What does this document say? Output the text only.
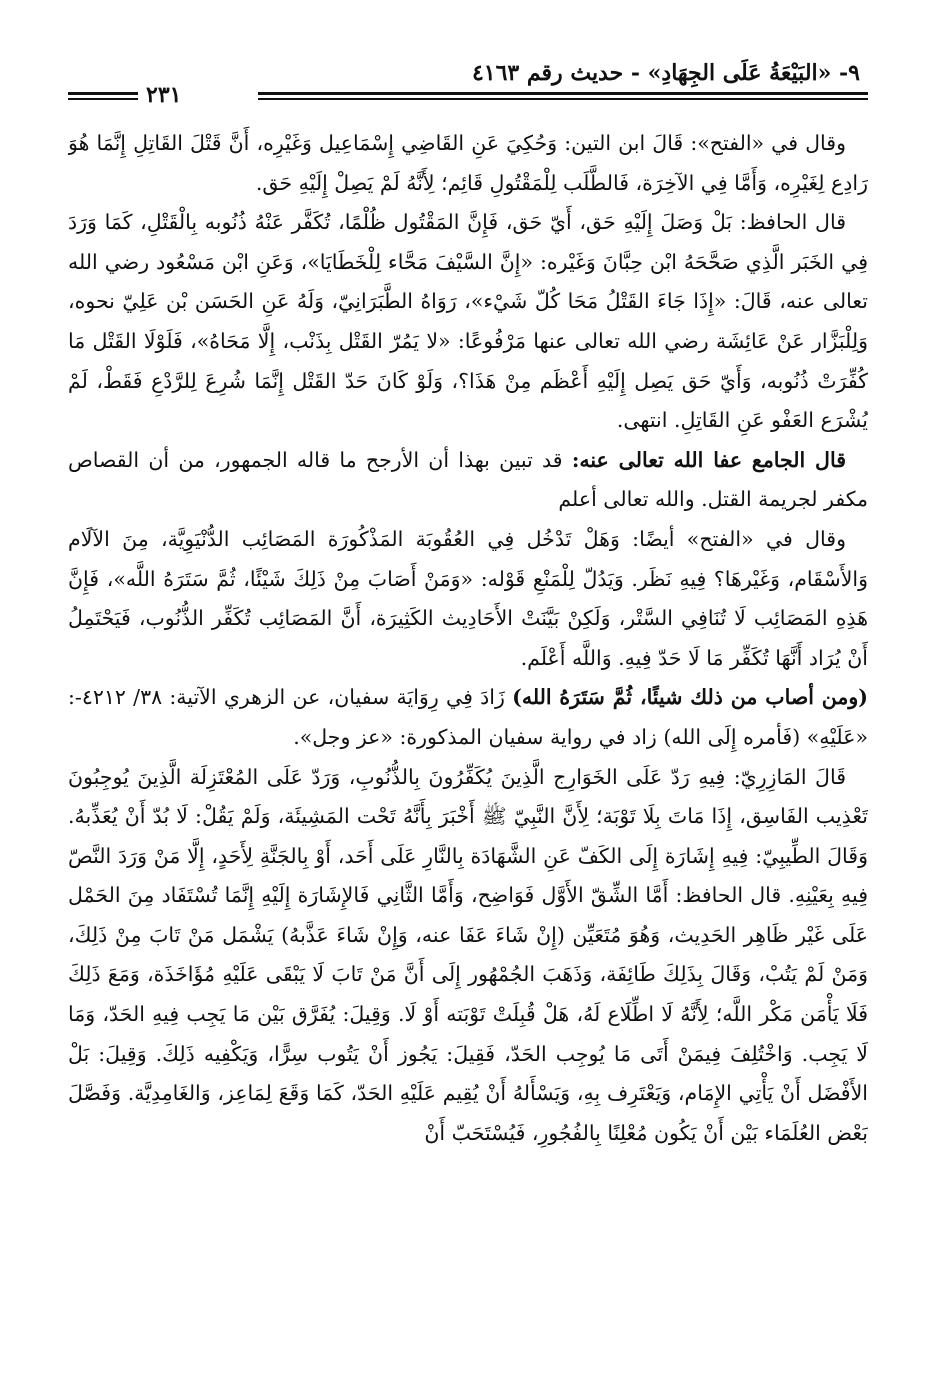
٩- «البَيْعَةُ عَلَى الجِهَادِ» - حديث رقم ٤١٦٣
٢٣١

وقال في «الفتح»: قَالَ ابن التين: وَحُكِيَ عَنِ القَاضِي إِسْمَاعِيل وَغَيْرِه، أَنَّ قَتْلَ القَاتِلِ إِنَّمَا هُوَ رَادِع لِغَيْرِه، وَأَمَّا فِي الآخِرَة، فَالطَّلَب لِلْمَقْتُولِ قَائِم؛ لِأَنَّهُ لَمْ يَصِلْ إِلَيْهِ حَق.

قال الحافظ: بَلْ وَصَلَ إِلَيْهِ حَق، أَيّ حَق، فَإِنَّ المَقْتُول ظُلْمًا، تُكَفَّر عَنْهُ ذُنُوبه بِالْقَتْلِ، كَمَا وَرَدَ فِي الخَبَر الَّذِي صَحَّحَهُ ابْن حِبَّانَ وَغَيْره: «إِنَّ السَّيْفَ مَحَّاء لِلْخَطَايَا»، وَعَنِ ابْن مَسْعُود رضي الله تعالى عنه، قَالَ: «إِذَا جَاءَ القَتْلُ مَحَا كُلّ شَيْء»، رَوَاهُ الطَّبَرَانِيّ، وَلَهُ عَنِ الحَسَن بْن عَلِيّ نحوه، وَلِلْبَزَّار عَنْ عَائِشَة رضي الله تعالى عنها مَرْفُوعًا: «لا يَمُرّ القَتْل بِذَنْب، إِلَّا مَحَاهُ»، فَلَوْلَا القَتْل مَا كُفِّرَتْ ذُنُوبه، وَأَيّ حَق يَصِل إِلَيْهِ أَعْظَم مِنْ هَذَا؟، وَلَوْ كَانَ حَدّ القَتْل إِنَّمَا شُرِعَ لِلرَّدْعِ فَقَطْ، لَمْ يُشْرَع العَفْو عَنِ القَاتِلِ. انتهى.

قال الجامع عفا الله تعالى عنه: قد تبين بهذا أن الأرجح ما قاله الجمهور، من أن القصاص مكفر لجريمة القتل. والله تعالى أعلم

وقال في «الفتح» أيضًا: وَهَلْ تَدْخُل فِي العُقُوبَة المَذْكُورَة المَصَائِب الدُّنْيَوِيَّة، مِنَ الآلَام وَالأَسْقَام، وَغَيْرهَا؟ فِيهِ نَظَر. وَيَدُلّ لِلْمَنْعِ قَوْله: «وَمَنْ أَصَابَ مِنْ ذَلِكَ شَيْئًا، ثُمَّ سَتَرَهُ اللَّه»، فَإِنَّ هَذِهِ المَصَائِب لَا تُنَافِي السَّتْر، وَلَكِنْ بَيَّنَتْ الأَحَادِيث الكَثِيرَة، أَنَّ المَصَائِب تُكَفِّر الذُّنُوب، فَيَحْتَمِلُ أَنْ يُرَاد أَنَّهَا تُكَفِّر مَا لَا حَدّ فِيهِ. وَاللَّه أَعْلَم.

(ومن أصاب من ذلك شيئًا، ثُمَّ سَتَرَهُ الله) زَادَ فِي رِوَايَة سفيان، عن الزهري الآتية: ٣٨/ ٤٢١٢-: «عَلَيْهِ» (فَأمره إِلَى الله) زاد في رواية سفيان المذكورة: «عز وجل».

قَالَ المَازِرِيّ: فِيهِ رَدّ عَلَى الخَوَارِج الَّذِينَ يُكَفِّرُونَ بِالذُّنُوبِ، وَرَدّ عَلَى المُعْتَزِلَة الَّذِينَ يُوجِبُونَ تَعْذِيب الفَاسِق، إِذَا مَاتَ بِلَا تَوْبَة؛ لِأَنَّ النَّبِيّ ﷺ أَخْبَرَ بِأَنَّهُ تَحْت المَشِيئَة، وَلَمْ يَقُلْ: لَا بُدّ أَنْ يُعَذِّبهُ. وَقَالَ الطِّيبِيّ: فِيهِ إِشَارَة إِلَى الكَفّ عَنِ الشَّهَادَة بِالنَّارِ عَلَى أَحَد، أَوْ بِالجَنَّةِ لِأَحَدٍ، إِلَّا مَنْ وَرَدَ النَّصّ فِيهِ بِعَيْنِهِ. قال الحافظ: أَمَّا الشِّقّ الأَوَّل فَوَاضِح، وَأَمَّا الثَّانِي فَالإِشَارَة إِلَيْهِ إِنَّمَا تُسْتَفَاد مِنَ الحَمْل عَلَى غَيْر ظَاهِر الحَدِيث، وَهُوَ مُتَعَيِّن (إِنْ شَاءَ عَفَا عنه، وَإِنْ شَاءَ عَذَّبهُ) يَشْمَل مَنْ تَابَ مِنْ ذَلِكَ، وَمَنْ لَمْ يَتُبْ، وَقَالَ بِذَلِكَ طَائِفَة، وَذَهَبَ الجُمْهُور إِلَى أَنَّ مَنْ تَابَ لَا يَبْقَى عَلَيْهِ مُؤَاخَذَة، وَمَعَ ذَلِكَ فَلَا يَأْمَن مَكْر اللَّه؛ لِأَنَّهُ لَا اطِّلَاع لَهُ، هَلْ قُبِلَتْ تَوْبَته أَوْ لَا. وَقِيلَ: يُفَرَّق بَيْن مَا يَجِب فِيهِ الحَدّ، وَمَا لَا يَجِب. وَاخْتُلِفَ فِيمَنْ أَتَى مَا يُوجِب الحَدّ، فَقِيلَ: يَجُوز أَنْ يَتُوب سِرًّا، وَيَكْفِيه ذَلِكَ. وَقِيلَ: بَلْ الأَفْضَل أَنْ يَأْتِي الإِمَام، وَيَعْتَرِف بِهِ، وَيَسْأَلهُ أَنْ يُقِيم عَلَيْهِ الحَدّ، كَمَا وَقَعَ لِمَاعِز، وَالغَامِدِيَّة. وَفَصَّلَ بَعْض العُلَمَاء بَيْن أَنْ يَكُون مُعْلِنًا بِالفُجُورِ، فَيُسْتَحَبّ أَنْ
